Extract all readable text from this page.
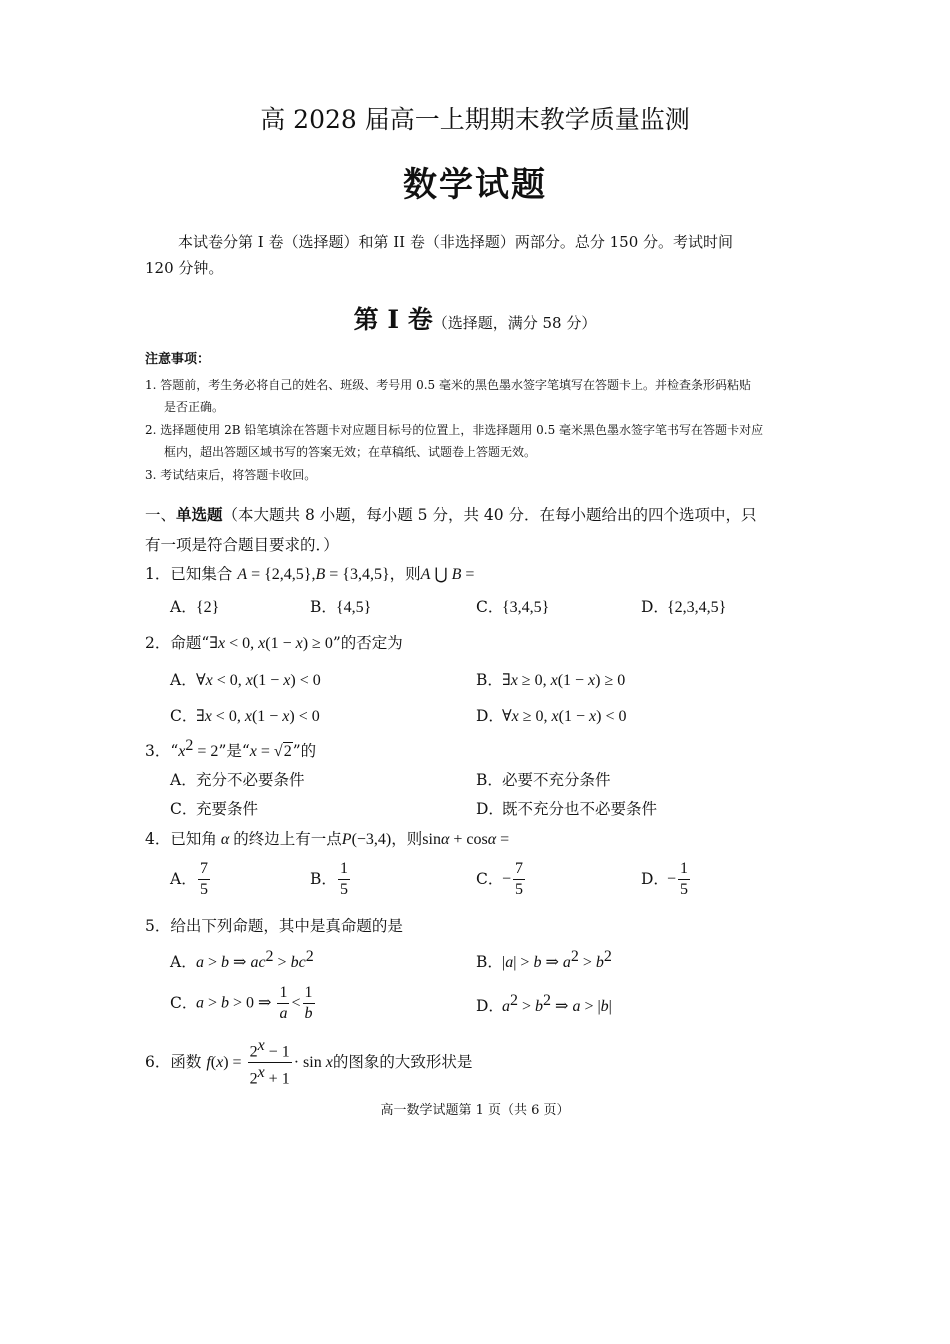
高 2028 届高一上期期末教学质量监测
数学试题
本试卷分第 I 卷（选择题）和第 II 卷（非选择题）两部分。总分 150 分。考试时间
120 分钟。
第 Ⅰ 卷（选择题，满分 58 分）
注意事项：
1. 答题前，考生务必将自己的姓名、班级、考号用 0.5 毫米的黑色墨水签字笔填写在答题卡上。并检查条形码粘贴
是否正确。
2. 选择题使用 2B 铅笔填涂在答题卡对应题目标号的位置上，非选择题用 0.5 毫米黑色墨水签字笔书写在答题卡对应
框内，超出答题区域书写的答案无效；在草稿纸、试题卷上答题无效。
3. 考试结束后，将答题卡收回。
一、单选题（本大题共 8 小题，每小题 5 分，共 40 分．在每小题给出的四个选项中，只
有一项是符合题目要求的．）
1．已知集合 A = {2,4,5},B = {3,4,5}，则A ⋃ B =
A．{2}	B．{4,5}	C．{3,4,5}	D．{2,3,4,5}
2．命题“∃x < 0, x(1 − x) ≥ 0”的否定为
A．∀x < 0, x(1 − x) < 0	B．∃x ≥ 0, x(1 − x) ≥ 0
C．∃x < 0, x(1 − x) < 0	D．∀x ≥ 0, x(1 − x) < 0
3．“$x^2 = 2$”是“x = √2”的
A．充分不必要条件	B．必要不充分条件
C．充要条件	D．既不充分也不必要条件
4．已知角 α 的终边上有一点P(−3,4)，则sinα + cosα =
A． $\frac{7}{5}$	B． $\frac{1}{5}$	C．− $\frac{7}{5}$	D．− $\frac{1}{5}$
5．给出下列命题，其中是真命题的是
A．a > b ⇒ $ac^2 > bc^2$	B．|a| > b ⇒ $a^2 > b^2$
C．a > b > 0 ⇒ $\frac{1}{a} < \frac{1}{b}$	D．$a^2 > b^2$ ⇒ a > |b|
6．函数 $f(x) = \frac{2^x - 1}{2^x + 1} \cdot \sin x$的图象的大致形状是
高一数学试题第 1 页（共 6 页）
